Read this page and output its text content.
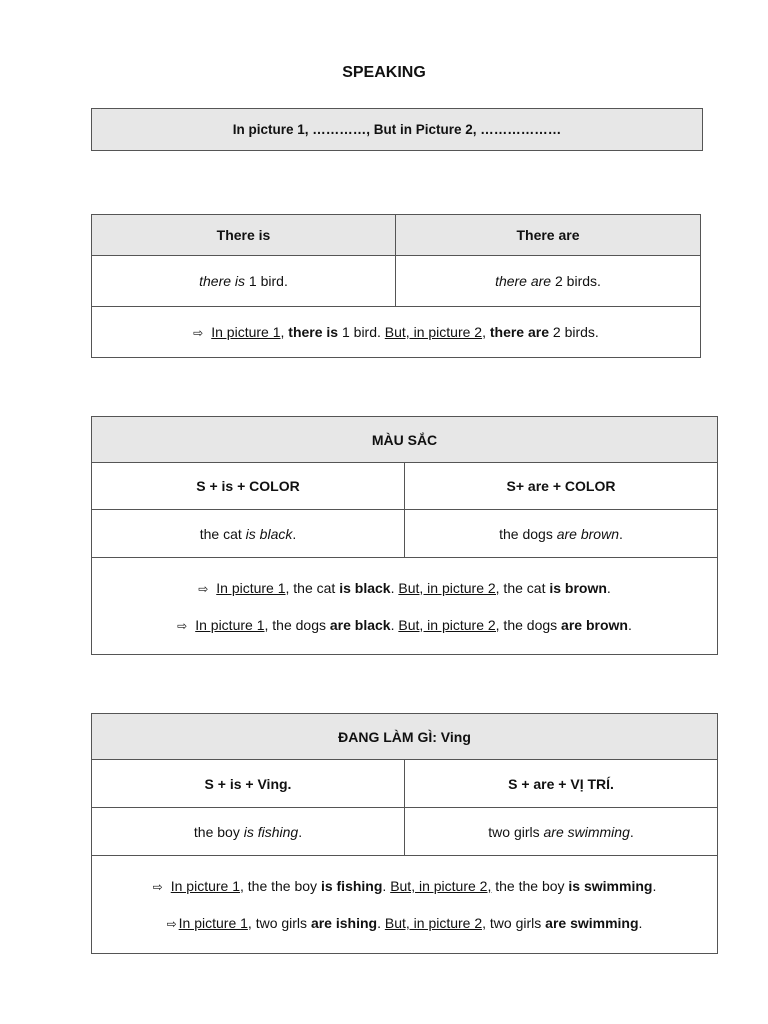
SPEAKING
In picture 1, …………, But in Picture 2, ………………
There is	There are
there is 1 bird.	there are 2 birds.
⇨ In picture 1, there is 1 bird. But, in picture 2, there are 2 birds.	
MÀU SẮC	
S + is + COLOR	S+ are + COLOR
the cat is black.	the dogs are brown.

⇨ In picture 1, the cat is black. But, in picture 2, the cat is brown.
⇨ In picture 1, the dogs are black. But, in picture 2, the dogs are brown.	
ĐANG LÀM GÌ: Ving	
S + is + Ving.	S + are + VỊ TRÍ.
the boy is fishing.	two girls are swimming.

⇨ In picture 1, the the boy is fishing. But, in picture 2, the the boy is swimming.
⇨ In picture 1, two girls are ishing. But, in picture 2, two girls are swimming.	
